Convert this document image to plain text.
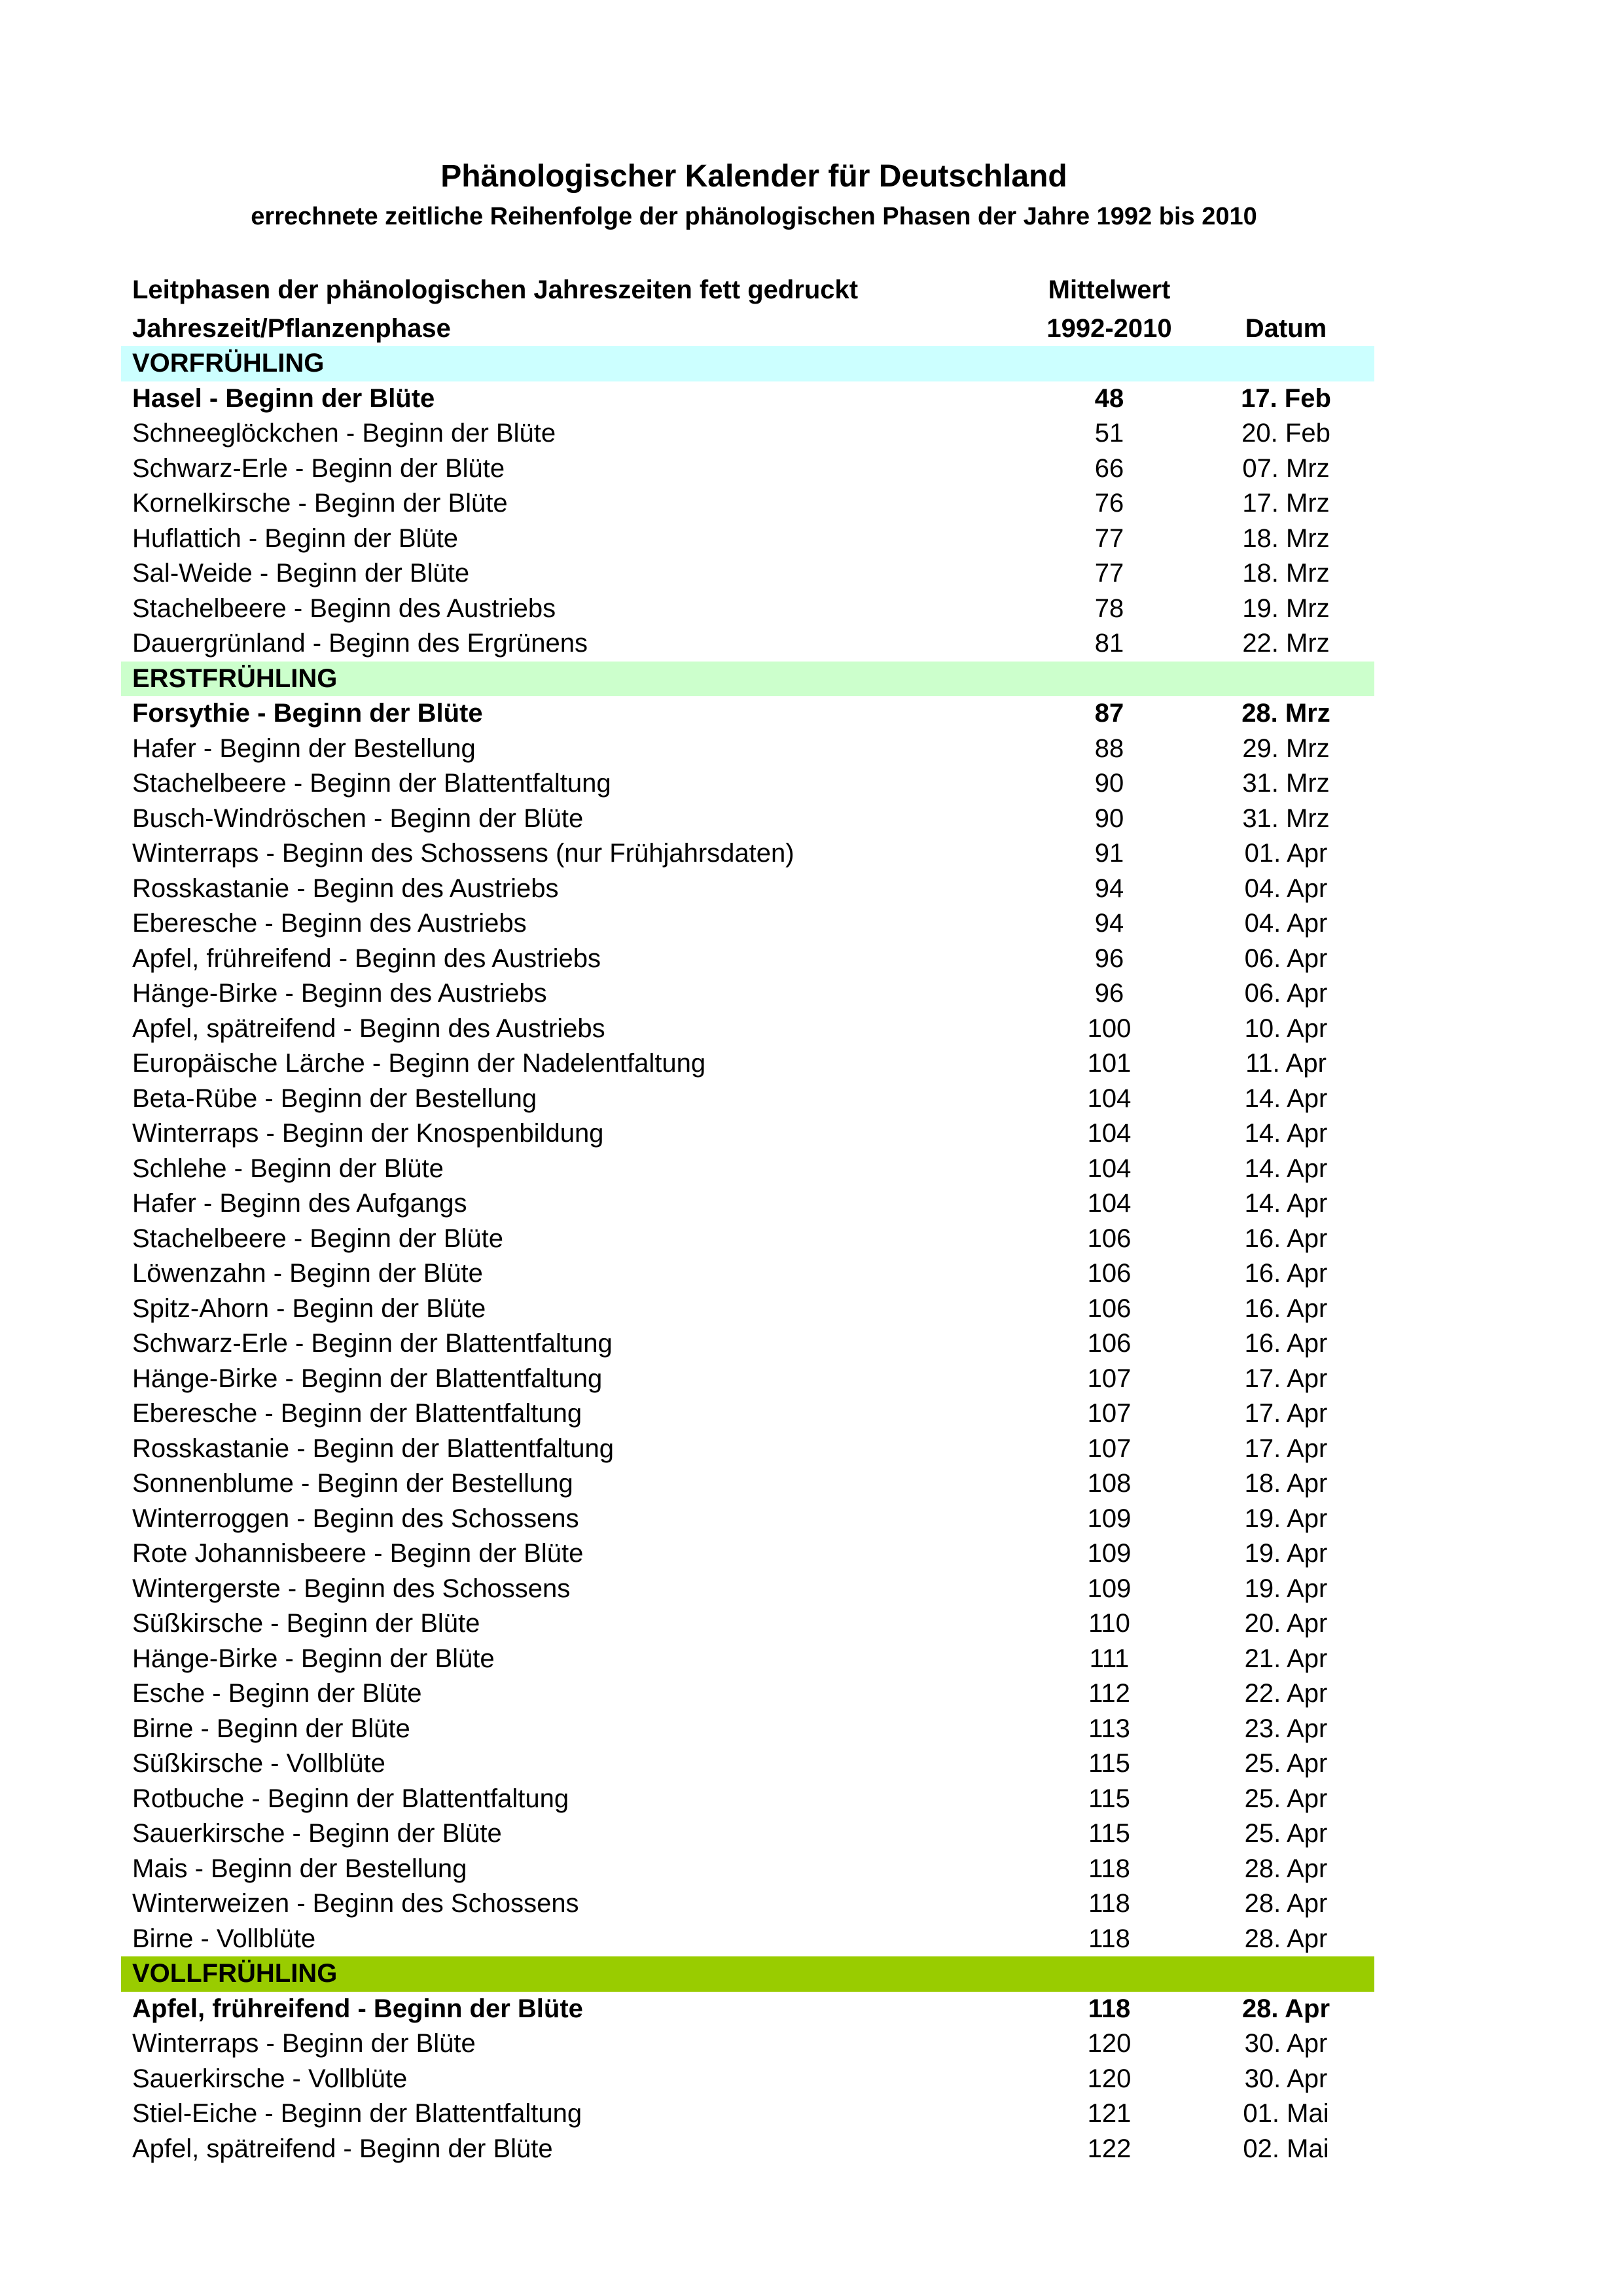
Phänologischer Kalender für Deutschland
errechnete zeitliche Reihenfolge der phänologischen Phasen der Jahre 1992 bis 2010
Leitphasen der phänologischen Jahreszeiten fett gedruckt	Mittelwert
Jahreszeit/Pflanzenphase	1992-2010	Datum
VORFRÜHLING
Hasel - Beginn der Blüte	48	17. Feb
Schneeglöckchen - Beginn der Blüte	51	20. Feb
Schwarz-Erle - Beginn der Blüte	66	07. Mrz
Kornelkirsche - Beginn der Blüte	76	17. Mrz
Huflattich - Beginn der Blüte	77	18. Mrz
Sal-Weide - Beginn der Blüte	77	18. Mrz
Stachelbeere - Beginn des Austriebs	78	19. Mrz
Dauergrünland - Beginn des Ergrünens	81	22. Mrz
ERSTFRÜHLING
Forsythie - Beginn der Blüte	87	28. Mrz
Hafer - Beginn der Bestellung	88	29. Mrz
Stachelbeere - Beginn der Blattentfaltung	90	31. Mrz
Busch-Windröschen - Beginn der Blüte	90	31. Mrz
Winterraps - Beginn des Schossens (nur Frühjahrsdaten)	91	01. Apr
Rosskastanie - Beginn des Austriebs	94	04. Apr
Eberesche - Beginn des Austriebs	94	04. Apr
Apfel, frühreifend - Beginn des Austriebs	96	06. Apr
Hänge-Birke - Beginn des Austriebs	96	06. Apr
Apfel, spätreifend - Beginn des Austriebs	100	10. Apr
Europäische Lärche - Beginn der Nadelentfaltung	101	11. Apr
Beta-Rübe - Beginn der Bestellung	104	14. Apr
Winterraps - Beginn der Knospenbildung	104	14. Apr
Schlehe - Beginn der Blüte	104	14. Apr
Hafer - Beginn des Aufgangs	104	14. Apr
Stachelbeere - Beginn der Blüte	106	16. Apr
Löwenzahn - Beginn der Blüte	106	16. Apr
Spitz-Ahorn - Beginn der Blüte	106	16. Apr
Schwarz-Erle - Beginn der Blattentfaltung	106	16. Apr
Hänge-Birke - Beginn der Blattentfaltung	107	17. Apr
Eberesche - Beginn der Blattentfaltung	107	17. Apr
Rosskastanie - Beginn der Blattentfaltung	107	17. Apr
Sonnenblume - Beginn der Bestellung	108	18. Apr
Winterroggen - Beginn des Schossens	109	19. Apr
Rote Johannisbeere - Beginn der Blüte	109	19. Apr
Wintergerste - Beginn des Schossens	109	19. Apr
Süßkirsche - Beginn der Blüte	110	20. Apr
Hänge-Birke - Beginn der Blüte	111	21. Apr
Esche - Beginn der Blüte	112	22. Apr
Birne - Beginn der Blüte	113	23. Apr
Süßkirsche - Vollblüte	115	25. Apr
Rotbuche - Beginn der Blattentfaltung	115	25. Apr
Sauerkirsche - Beginn der Blüte	115	25. Apr
Mais - Beginn der Bestellung	118	28. Apr
Winterweizen - Beginn des Schossens	118	28. Apr
Birne - Vollblüte	118	28. Apr
VOLLFRÜHLING
Apfel, frühreifend - Beginn der Blüte	118	28. Apr
Winterraps - Beginn der Blüte	120	30. Apr
Sauerkirsche - Vollblüte	120	30. Apr
Stiel-Eiche - Beginn der Blattentfaltung	121	01. Mai
Apfel, spätreifend - Beginn der Blüte	122	02. Mai
